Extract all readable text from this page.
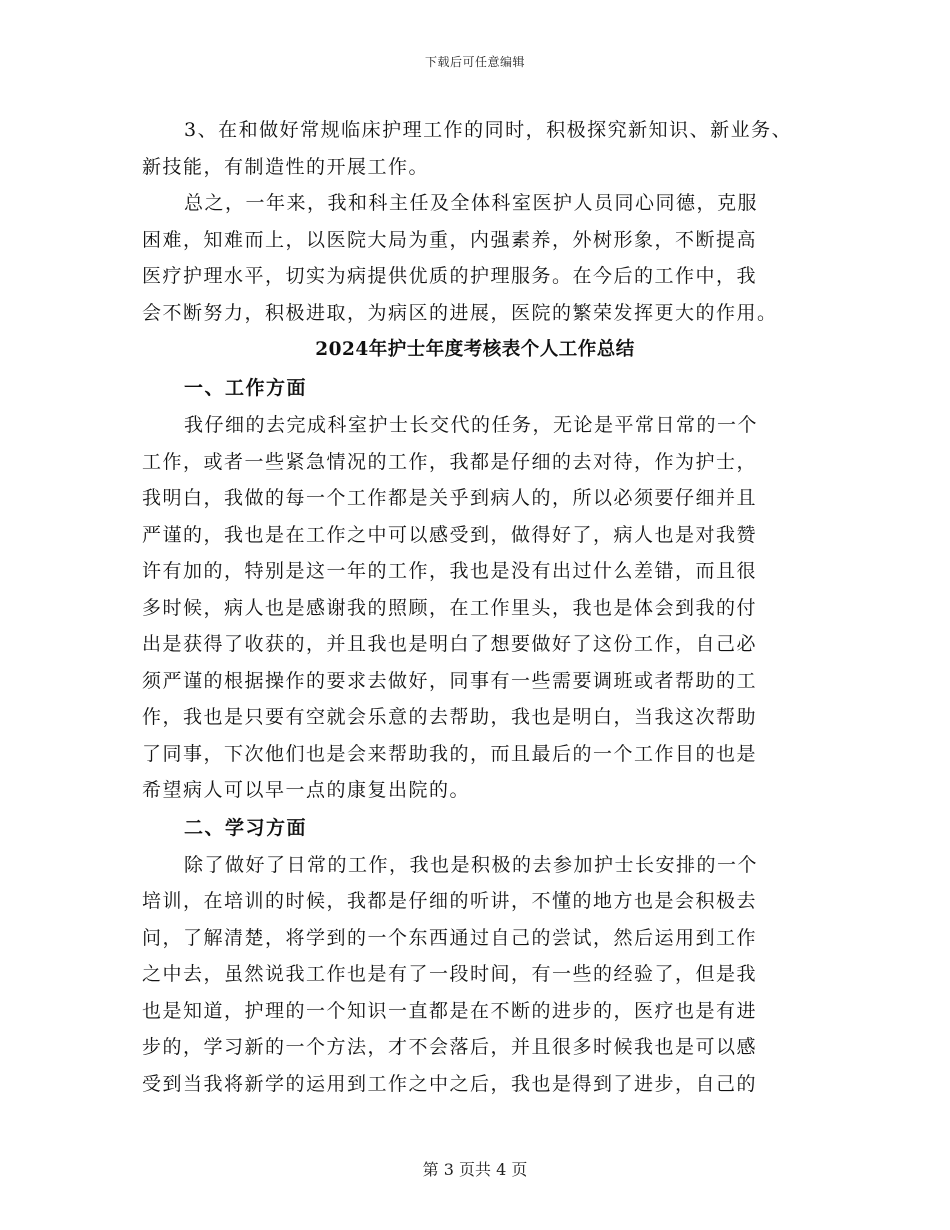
下载后可任意编辑
3、在和做好常规临床护理工作的同时，积极探究新知识、新业务、
新技能，有制造性的开展工作。
总之，一年来，我和科主任及全体科室医护人员同心同德，克服
困难，知难而上，以医院大局为重，内强素养，外树形象，不断提高
医疗护理水平，切实为病提供优质的护理服务。在今后的工作中，我
会不断努力，积极进取，为病区的进展，医院的繁荣发挥更大的作用。
2024年护士年度考核表个人工作总结
一、工作方面
我仔细的去完成科室护士长交代的任务，无论是平常日常的一个
工作，或者一些紧急情况的工作，我都是仔细的去对待，作为护士，
我明白，我做的每一个工作都是关乎到病人的，所以必须要仔细并且
严谨的，我也是在工作之中可以感受到，做得好了，病人也是对我赞
许有加的，特别是这一年的工作，我也是没有出过什么差错，而且很
多时候，病人也是感谢我的照顾，在工作里头，我也是体会到我的付
出是获得了收获的，并且我也是明白了想要做好了这份工作，自己必
须严谨的根据操作的要求去做好，同事有一些需要调班或者帮助的工
作，我也是只要有空就会乐意的去帮助，我也是明白，当我这次帮助
了同事，下次他们也是会来帮助我的，而且最后的一个工作目的也是
希望病人可以早一点的康复出院的。
二、学习方面
除了做好了日常的工作，我也是积极的去参加护士长安排的一个
培训，在培训的时候，我都是仔细的听讲，不懂的地方也是会积极去
问，了解清楚，将学到的一个东西通过自己的尝试，然后运用到工作
之中去，虽然说我工作也是有了一段时间，有一些的经验了，但是我
也是知道，护理的一个知识一直都是在不断的进步的，医疗也是有进
步的，学习新的一个方法，才不会落后，并且很多时候我也是可以感
受到当我将新学的运用到工作之中之后，我也是得到了进步，自己的
第 3 页共 4 页
